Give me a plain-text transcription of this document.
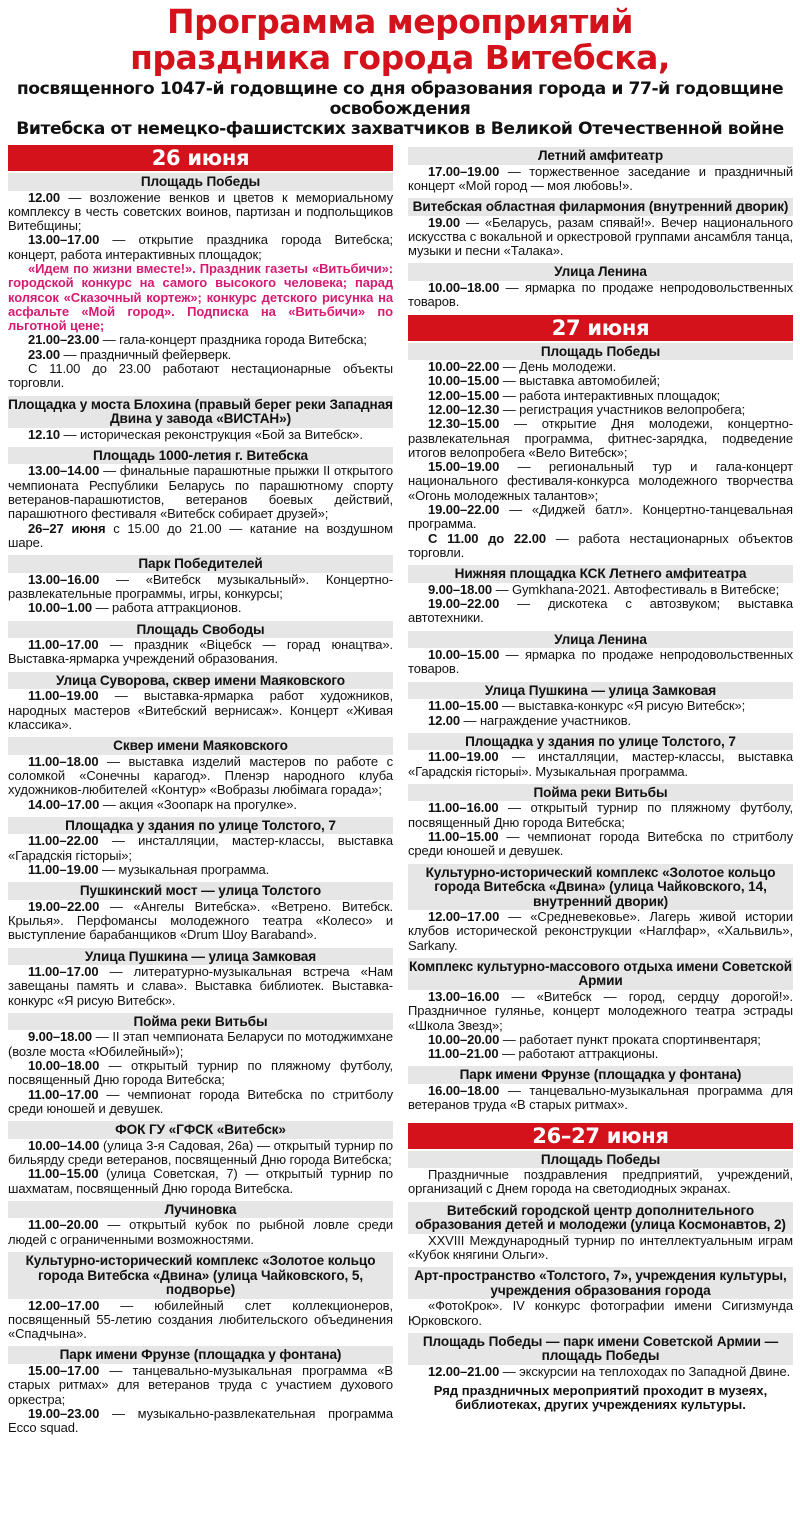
Программа мероприятий

праздника города Витебска,

посвященного 1047-й годовщине со дня образования города и 77-й годовщине освобождения

Витебска от немецко-фашистских захватчиков в Великой Отечественной войне

26 июня
Площадь Победы
12.00 — возложение венков и цветов к мемориальному комплексу в честь советских воинов, партизан и подпольщиков Витебщины;
13.00–17.00 — открытие праздника города Витебска; концерт, работа интерактивных площадок;
«Идем по жизни вместе!». Праздник газеты «Витьбичи»: городской конкурс на самого высокого человека; парад колясок «Сказочный кортеж»; конкурс детского рисунка на асфальте «Мой город». Подписка на «Витьбичи» по льготной цене;
21.00–23.00 — гала-концерт праздника города Витебска;
23.00 — праздничный фейерверк.
С 11.00 до 23.00 работают нестационарные объекты торговли.
Площадка у моста Блохина (правый берег реки Западная Двина у завода «ВИСТАН»)
12.10 — историческая реконструкция «Бой за Витебск».
Площадь 1000-летия г. Витебска
13.00–14.00 — финальные парашютные прыжки II открытого чемпионата Республики Беларусь по парашютному спорту ветеранов-парашютистов, ветеранов боевых действий, парашютного фестиваля «Витебск собирает друзей»;
26–27 июня с 15.00 до 21.00 — катание на воздушном шаре.
Парк Победителей
13.00–16.00 — «Витебск музыкальный». Концертно-развлекательные программы, игры, конкурсы;
10.00–1.00 — работа аттракционов.
Площадь Свободы
11.00–17.00 — праздник «Віцебск — горад юнацтва». Выставка-ярмарка учреждений образования.
Улица Суворова, сквер имени Маяковского
11.00–19.00 — выставка-ярмарка работ художников, народных мастеров «Витебский вернисаж». Концерт «Живая классика».
Сквер имени Маяковского
11.00–18.00 — выставка изделий мастеров по работе с соломкой «Сонечны карагод». Пленэр народного клуба художников-любителей «Контур» «Вобразы любімага горада»;
14.00–17.00 — акция «Зоопарк на прогулке».
Площадка у здания по улице Толстого, 7
11.00–22.00 — инсталляции, мастер-классы, выставка «Гарадскія гісторыі»;
11.00–19.00 — музыкальная программа.
Пушкинский мост — улица Толстого
19.00–22.00 — «Ангелы Витебска». «Ветрено. Витебск. Крылья». Перфомансы молодежного театра «Колесо» и выступление барабанщиков «Drum Шоу Baraband».
Улица Пушкина — улица Замковая
11.00–17.00 — литературно-музыкальная встреча «Нам завещаны память и слава». Выставка библиотек. Выставка-конкурс «Я рисую Витебск».
Пойма реки Витьбы
9.00–18.00 — II этап чемпионата Беларуси по мотоджимхане (возле моста «Юбилейный»);
10.00–18.00 — открытый турнир по пляжному футболу, посвященный Дню города Витебска;
11.00–17.00 — чемпионат города Витебска по стритболу среди юношей и девушек.
ФОК ГУ «ГФСК «Витебск»
10.00–14.00 (улица 3-я Садовая, 26а) — открытый турнир по бильярду среди ветеранов, посвященный Дню города Витебска;
11.00–15.00 (улица Советская, 7) — открытый турнир по шахматам, посвященный Дню города Витебска.
Лучиновка
11.00–20.00 — открытый кубок по рыбной ловле среди людей с ограниченными возможностями.
Культурно-исторический комплекс «Золотое кольцо города Витебска «Двина» (улица Чайковского, 5, подворье)
12.00–17.00 — юбилейный слет коллекционеров, посвященный 55-летию создания любительского объединения «Спадчына».
Парк имени Фрунзе (площадка у фонтана)
15.00–17.00 — танцевально-музыкальная программа «В старых ритмах» для ветеранов труда с участием духового оркестра;
19.00–23.00 — музыкально-развлекательная программа Ecco squad.
Летний амфитеатр
17.00–19.00 — торжественное заседание и праздничный концерт «Мой город — моя любовь!».
Витебская областная филармония (внутренний дворик)
19.00 — «Беларусь, разам спявай!». Вечер национального искусства с вокальной и оркестровой группами ансамбля танца, музыки и песни «Талака».
Улица Ленина
10.00–18.00 — ярмарка по продаже непродовольственных товаров.
27 июня
Площадь Победы
10.00–22.00 — День молодежи.
10.00–15.00 — выставка автомобилей;
12.00–15.00 — работа интерактивных площадок;
12.00–12.30 — регистрация участников велопробега;
12.30–15.00 — открытие Дня молодежи, концертно-развлекательная программа, фитнес-зарядка, подведение итогов велопробега «Вело Витебск»;
15.00–19.00 — региональный тур и гала-концерт национального фестиваля-конкурса молодежного творчества «Огонь молодежных талантов»;
19.00–22.00 — «Диджей батл». Концертно-танцевальная программа.
С 11.00 до 22.00 — работа нестационарных объектов торговли.
Нижняя площадка КСК Летнего амфитеатра
9.00–18.00 — Gymkhana-2021. Автофестиваль в Витебске;
19.00–22.00 — дискотека с автозвуком; выставка автотехники.
Улица Ленина
10.00–15.00 — ярмарка по продаже непродовольственных товаров.
Улица Пушкина — улица Замковая
11.00–15.00 — выставка-конкурс «Я рисую Витебск»;
12.00 — награждение участников.
Площадка у здания по улице Толстого, 7
11.00–19.00 — инсталляции, мастер-классы, выставка «Гарадскія гісторыі». Музыкальная программа.
Пойма реки Витьбы
11.00–16.00 — открытый турнир по пляжному футболу, посвященный Дню города Витебска;
11.00–15.00 — чемпионат города Витебска по стритболу среди юношей и девушек.
Культурно-исторический комплекс «Золотое кольцо города Витебска «Двина» (улица Чайковского, 14, внутренний дворик)
12.00–17.00 — «Средневековье». Лагерь живой истории клубов исторической реконструкции «Наглфар», «Хальвиль», Sarkany.
Комплекс культурно-массового отдыха имени Советской Армии
13.00–16.00 — «Витебск — город, сердцу дорогой!». Праздничное гулянье, концерт молодежного театра эстрады «Школа Звезд»;
10.00–20.00 — работает пункт проката спортинвентаря;
11.00–21.00 — работают аттракционы.
Парк имени Фрунзе (площадка у фонтана)
16.00–18.00 — танцевально-музыкальная программа для ветеранов труда «В старых ритмах».
26–27 июня
Площадь Победы
Праздничные поздравления предприятий, учреждений, организаций с Днем города на светодиодных экранах.
Витебский городской центр дополнительного образования детей и молодежи (улица Космонавтов, 2)
XXVIII Международный турнир по интеллектуальным играм «Кубок княгини Ольги».
Арт-пространство «Толстого, 7», учреждения культуры, учреждения образования города
«ФотоКрок». IV конкурс фотографии имени Сигизмунда Юрковского.
Площадь Победы — парк имени Советской Армии — площадь Победы
12.00–21.00 — экскурсии на теплоходах по Западной Двине.
Ряд праздничных мероприятий проходит в музеях, библиотеках, других учреждениях культуры.
